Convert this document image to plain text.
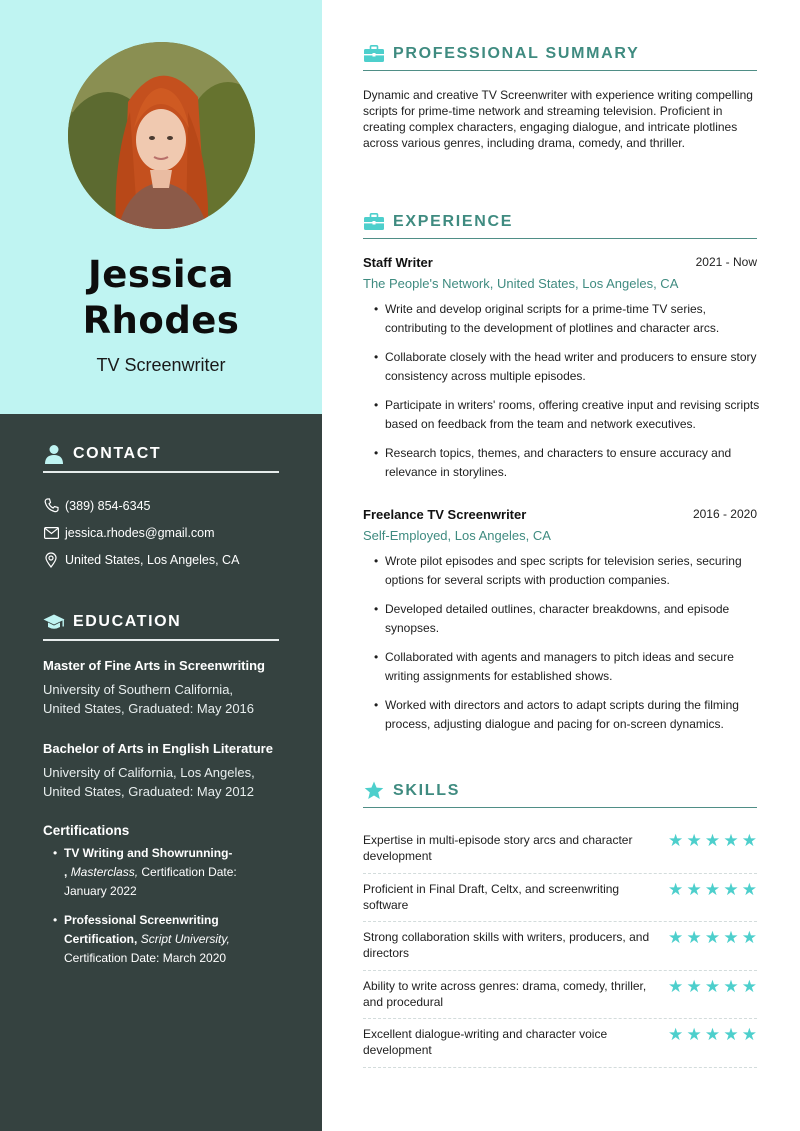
Jessica
Rhodes
TV Screenwriter
CONTACT
(389) 854-6345
jessica.rhodes@gmail.com
United States, Los Angeles, CA
EDUCATION
Master of Fine Arts in Screenwriting
University of Southern California,
United States, Graduated: May 2016
Bachelor of Arts in English Literature
University of California, Los Angeles,
United States, Graduated: May 2012
Certifications
• TV Writing and Showrunning-
, Masterclass, Certification Date: January 2022
• Professional Screenwriting Certification, Script University, Certification Date: March 2020
PROFESSIONAL SUMMARY
Dynamic and creative TV Screenwriter with experience writing compelling scripts for prime-time network and streaming television. Proficient in creating complex characters, engaging dialogue, and intricate plotlines across various genres, including drama, comedy, and thriller.
EXPERIENCE
Staff Writer	2021 - Now
The People's Network, United States, Los Angeles, CA
• Write and develop original scripts for a prime-time TV series, contributing to the development of plotlines and character arcs.
• Collaborate closely with the head writer and producers to ensure story consistency across multiple episodes.
• Participate in writers' rooms, offering creative input and revising scripts based on feedback from the team and network executives.
• Research topics, themes, and characters to ensure accuracy and relevance in storylines.
Freelance TV Screenwriter	2016 - 2020
Self-Employed, Los Angeles, CA
• Wrote pilot episodes and spec scripts for television series, securing options for several scripts with production companies.
• Developed detailed outlines, character breakdowns, and episode synopses.
• Collaborated with agents and managers to pitch ideas and secure writing assignments for established shows.
• Worked with directors and actors to adapt scripts during the filming process, adjusting dialogue and pacing for on-screen dynamics.
SKILLS
Expertise in multi-episode story arcs and character development
★ ★ ★ ★ ★
Proficient in Final Draft, Celtx, and screenwriting software
★ ★ ★ ★ ★
Strong collaboration skills with writers, producers, and directors
★ ★ ★ ★ ★
Ability to write across genres: drama, comedy, thriller, and procedural
★ ★ ★ ★ ★
Excellent dialogue-writing and character voice development
★ ★ ★ ★ ★
